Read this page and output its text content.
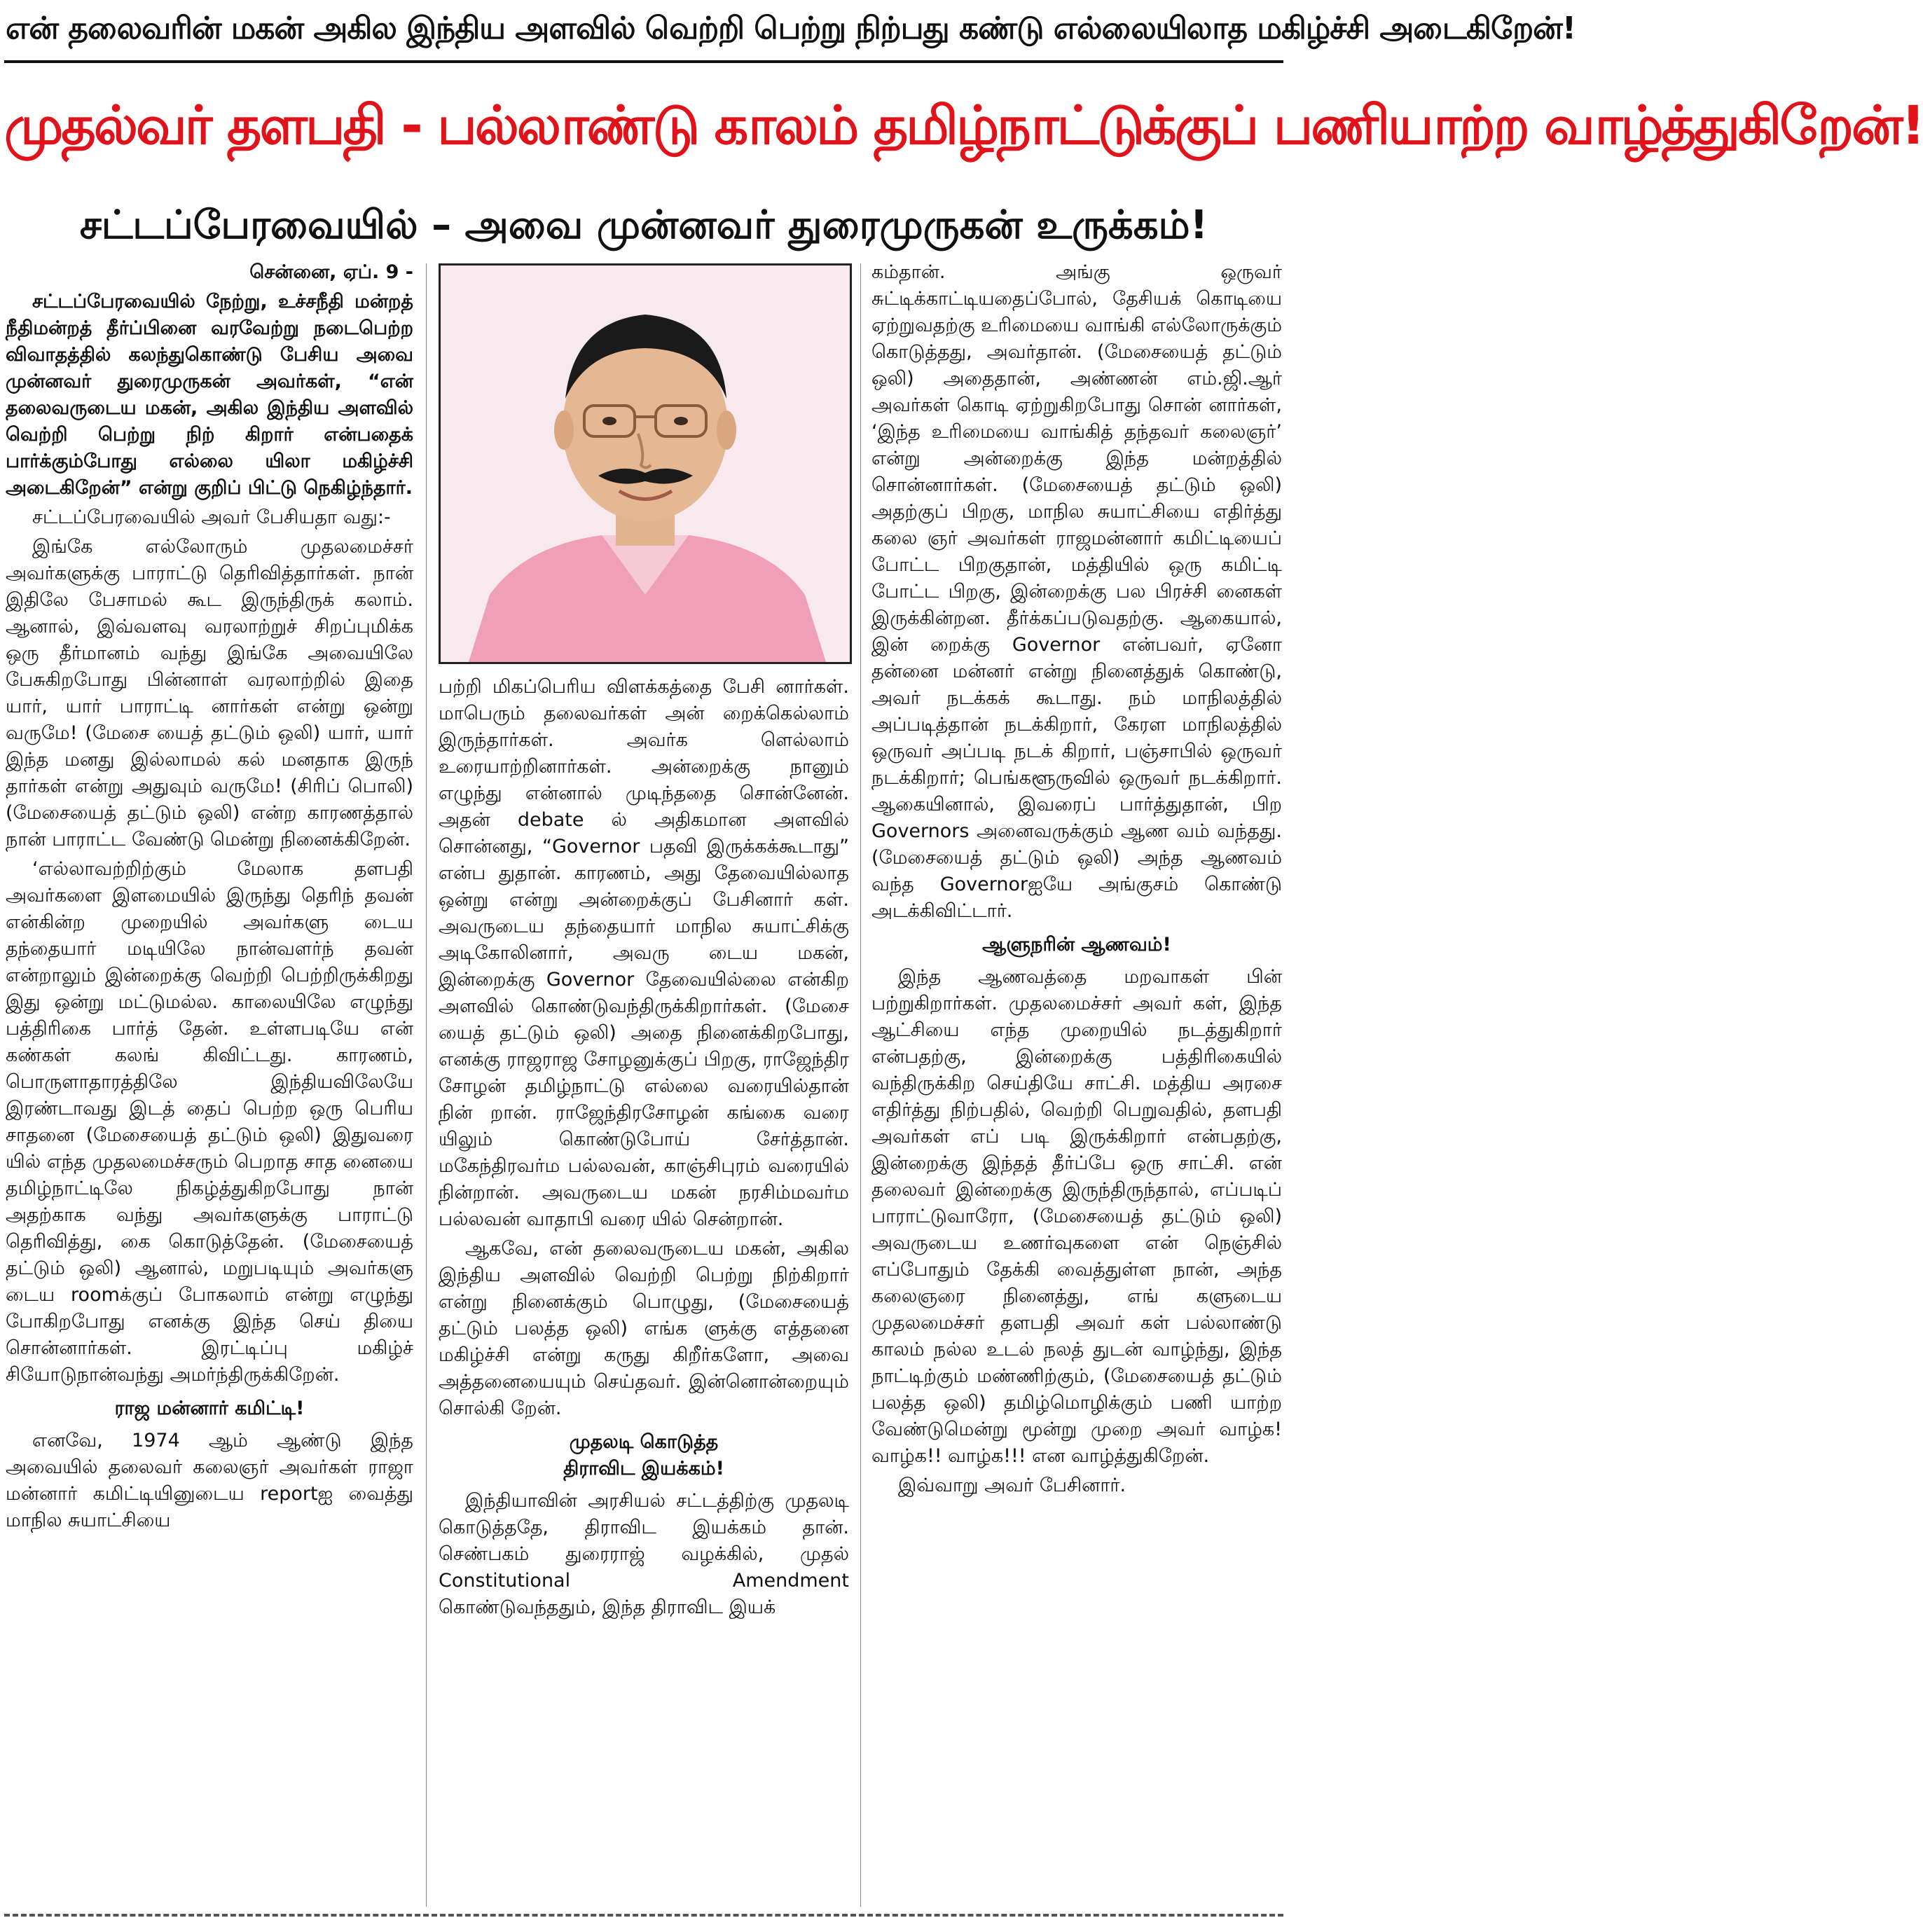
என் தலைவரின் மகன் அகில இந்திய அளவில் வெற்றி பெற்று நிற்பது கண்டு எல்லையிலாத மகிழ்ச்சி அடைகிறேன்!
முதல்வர் தளபதி - பல்லாண்டு காலம் தமிழ்நாட்டுக்குப் பணியாற்ற வாழ்த்துகிறேன்!
சட்டப்பேரவையில் – அவை முன்னவர் துரைமுருகன் உருக்கம்!

சென்னை, ஏப். 9 -

சட்டப்பேரவையில் நேற்று, உச்சநீதி மன்றத் நீதிமன்றத் தீர்ப்பினை வரவேற்று நடைபெற்ற விவாதத்தில் கலந்துகொண்டு பேசிய அவை முன்னவர் துரைமுருகன் அவர்கள், “என் தலைவருடைய மகன், அகில இந்திய அளவில் வெற்றி பெற்று நிற் கிறார் என்பதைக் பார்க்கும்போது எல்லை யிலா மகிழ்ச்சி அடைகிறேன்” என்று குறிப் பிட்டு நெகிழ்ந்தார்.

சட்டப்பேரவையில் அவர் பேசியதா வது:-

இங்கே எல்லோரும் முதலமைச்சர் அவர்களுக்கு பாராட்டு தெரிவித்தார்கள். நான் இதிலே பேசாமல் கூட இருந்திருக் கலாம். ஆனால், இவ்வளவு வரலாற்றுச் சிறப்புமிக்க ஒரு தீர்மானம் வந்து இங்கே அவையிலே பேசுகிறபோது பின்னாள் வரலாற்றில் இதை யார், யார் பாராட்டி னார்கள் என்று ஒன்று வருமே! (மேசை யைத் தட்டும் ஒலி) யார், யார் இந்த மனது இல்லாமல் கல் மனதாக இருந் தார்கள் என்று அதுவும் வருமே! (சிரிப் பொலி) (மேசையைத் தட்டும் ஒலி) என்ற காரணத்தால் நான் பாராட்ட வேண்டு மென்று நினைக்கிறேன்.

‘எல்லாவற்றிற்கும் மேலாக தளபதி அவர்களை இளமையில் இருந்து தெரிந் தவன் என்கின்ற முறையில் அவர்களு டைய தந்தையார் மடியிலே நான்வளர்ந் தவன் என்றாலும் இன்றைக்கு வெற்றி பெற்றிருக்கிறது இது ஒன்று மட்டுமல்ல. காலையிலே எழுந்து பத்திரிகை பார்த் தேன். உள்ளபடியே என் கண்கள் கலங் கிவிட்டது. காரணம், பொருளாதாரத்திலே இந்தியவிலேயே இரண்டாவது இடத் தைப் பெற்ற ஒரு பெரிய சாதனை (மேசையைத் தட்டும் ஒலி) இதுவரை யில் எந்த முதலமைச்சரும் பெறாத சாத னையை தமிழ்நாட்டிலே நிகழ்த்துகிறபோது நான் அதற்காக வந்து அவர்களுக்கு பாராட்டு தெரிவித்து, கை கொடுத்தேன். (மேசையைத் தட்டும் ஒலி) ஆனால், மறுபடியும் அவர்களு டைய roomக்குப் போகலாம் என்று எழுந்து போகிறபோது எனக்கு இந்த செய் தியை சொன்னார்கள். இரட்டிப்பு மகிழ்ச் சியோடுநான்வந்து அமர்ந்திருக்கிறேன்.

ராஜ மன்னார் கமிட்டி!

எனவே, 1974 ஆம் ஆண்டு இந்த அவையில் தலைவர் கலைஞர் அவர்கள் ராஜா மன்னார் கமிட்டியினுடைய reportஐ வைத்து மாநில சுயாட்சியை

பற்றி மிகப்பெரிய விளக்கத்தை பேசி னார்கள். மாபெரும் தலைவர்கள் அன் றைக்கெல்லாம் இருந்தார்கள். அவர்க ளெல்லாம் உரையாற்றினார்கள். அன்றைக்கு நானும் எழுந்து என்னால் முடிந்ததை சொன்னேன். அதன் debate ல் அதிகமான அளவில் சொன்னது, “Governor பதவி இருக்கக்கூடாது” என்ப துதான். காரணம், அது தேவையில்லாத ஒன்று என்று அன்றைக்குப் பேசினார் கள். அவருடைய தந்தையார் மாநில சுயாட்சிக்கு அடிகோலினார், அவரு டைய மகன், இன்றைக்கு Governor தேவையில்லை என்கிற அளவில் கொண்டுவந்திருக்கிறார்கள். (மேசை யைத் தட்டும் ஒலி) அதை நினைக்கிறபோது, எனக்கு ராஜராஜ சோழனுக்குப் பிறகு, ராஜேந்திர சோழன் தமிழ்நாட்டு எல்லை வரையில்தான் நின் றான். ராஜேந்திரசோழன் கங்கை வரை யிலும் கொண்டுபோய் சேர்த்தான். மகேந்திரவர்ம பல்லவன், காஞ்சிபுரம் வரையில் நின்றான். அவருடைய மகன் நரசிம்மவர்ம பல்லவன் வாதாபி வரை யில் சென்றான்.

ஆகவே, என் தலைவருடைய மகன், அகில இந்திய அளவில் வெற்றி பெற்று நிற்கிறார் என்று நினைக்கும் பொழுது, (மேசையைத் தட்டும் பலத்த ஒலி) எங்க ளுக்கு எத்தனை மகிழ்ச்சி என்று கருது கிறீர்களோ, அவை அத்தனையையும் செய்தவர். இன்னொன்றையும் சொல்கி றேன்.

முதலடி கொடுத்த

திராவிட இயக்கம்!

இந்தியாவின் அரசியல் சட்டத்திற்கு முதலடி கொடுத்ததே, திராவிட இயக்கம் தான். செண்பகம் துரைராஜ் வழக்கில், முதல் Constitutional Amendment கொண்டுவந்ததும், இந்த திராவிட இயக்

கம்தான். அங்கு ஒருவர் சுட்டிக்காட்டியதைப்போல், தேசியக் கொடியை ஏற்றுவதற்கு உரிமையை வாங்கி எல்லோருக்கும் கொடுத்தது, அவர்தான். (மேசையைத் தட்டும் ஒலி) அதைதான், அண்ணன் எம்.ஜி.ஆர் அவர்கள் கொடி ஏற்றுகிறபோது சொன் னார்கள், ‘இந்த உரிமையை வாங்கித் தந்தவர் கலைஞர்’ என்று அன்றைக்கு இந்த மன்றத்தில் சொன்னார்கள். (மேசையைத் தட்டும் ஒலி) அதற்குப் பிறகு, மாநில சுயாட்சியை எதிர்த்து கலை ஞர் அவர்கள் ராஜமன்னார் கமிட்டியைப் போட்ட பிறகுதான், மத்தியில் ஒரு கமிட்டி போட்ட பிறகு, இன்றைக்கு பல பிரச்சி னைகள் இருக்கின்றன. தீர்க்கப்படுவதற்கு. ஆகையால், இன் றைக்கு Governor என்பவர், ஏனோ தன்னை மன்னர் என்று நினைத்துக் கொண்டு, அவர் நடக்கக் கூடாது. நம் மாநிலத்தில் அப்படித்தான் நடக்கிறார், கேரள மாநிலத்தில் ஒருவர் அப்படி நடக் கிறார், பஞ்சாபில் ஒருவர் நடக்கிறார்; பெங்களூருவில் ஒருவர் நடக்கிறார். ஆகையினால், இவரைப் பார்த்துதான், பிற Governors அனைவருக்கும் ஆண வம் வந்தது. (மேசையைத் தட்டும் ஒலி) அந்த ஆணவம் வந்த Governorஐயே அங்குசம் கொண்டு அடக்கிவிட்டார்.

ஆளுநரின் ஆணவம்!

இந்த ஆணவத்தை மறவாகள் பின் பற்றுகிறார்கள். முதலமைச்சர் அவர் கள், இந்த ஆட்சியை எந்த முறையில் நடத்துகிறார் என்பதற்கு, இன்றைக்கு பத்திரிகையில் வந்திருக்கிற செய்தியே சாட்சி. மத்திய அரசை எதிர்த்து நிற்பதில், வெற்றி பெறுவதில், தளபதி அவர்கள் எப் படி இருக்கிறார் என்பதற்கு, இன்றைக்கு இந்தத் தீர்ப்பே ஒரு சாட்சி. என் தலைவர் இன்றைக்கு இருந்திருந்தால், எப்படிப் பாராட்டுவாரோ, (மேசையைத் தட்டும் ஒலி) அவருடைய உணர்வுகளை என் நெஞ்சில் எப்போதும் தேக்கி வைத்துள்ள நான், அந்த கலைஞரை நினைத்து, எங் களுடைய முதலமைச்சர் தளபதி அவர் கள் பல்லாண்டு காலம் நல்ல உடல் நலத் துடன் வாழ்ந்து, இந்த நாட்டிற்கும் மண்ணிற்கும், (மேசையைத் தட்டும் பலத்த ஒலி) தமிழ்மொழிக்கும் பணி யாற்ற வேண்டுமென்று மூன்று முறை அவர் வாழ்க! வாழ்க!! வாழ்க!!! என வாழ்த்துகிறேன்.

இவ்வாறு அவர் பேசினார்.
